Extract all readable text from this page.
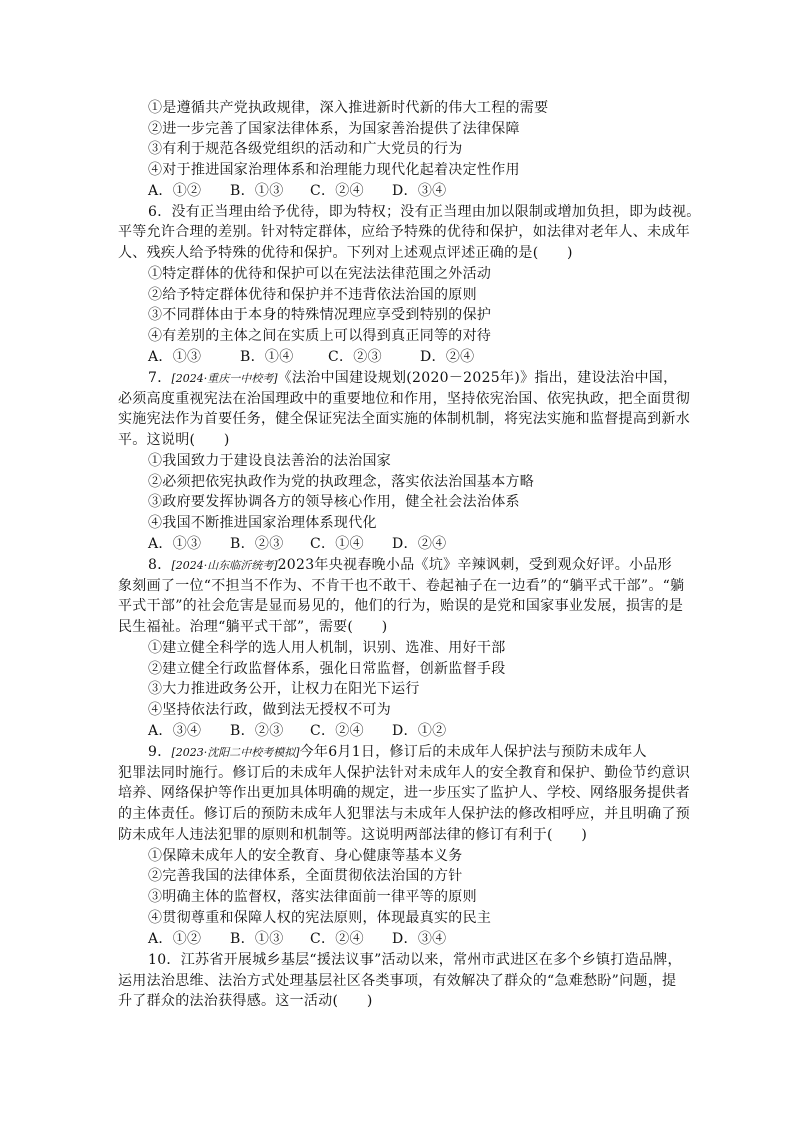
①是遵循共产党执政规律，深入推进新时代新的伟大工程的需要
②进一步完善了国家法律体系，为国家善治提供了法律保障
③有利于规范各级党组织的活动和广大党员的行为
④对于推进国家治理体系和治理能力现代化起着决定性作用
A．①② B．①③ C．②④ D．③④
6．没有正当理由给予优待，即为特权；没有正当理由加以限制或增加负担，即为歧视。
平等允许合理的差别。针对特定群体，应给予特殊的优待和保护，如法律对老年人、未成年
人、残疾人给予特殊的优待和保护。下列对上述观点评述正确的是(　　)
①特定群体的优待和保护可以在宪法法律范围之外活动
②给予特定群体优待和保护并不违背依法治国的原则
③不同群体由于本身的特殊情况理应享受到特别的保护
④有差别的主体之间在实质上可以得到真正同等的对待
A．①③	B．①④ C．②③	D．②④
7．[2024·重庆一中校考]《法治中国建设规划(2020－2025年)》指出，建设法治中国，
必须高度重视宪法在治国理政中的重要地位和作用，坚持依宪治国、依宪执政，把全面贯彻
实施宪法作为首要任务，健全保证宪法全面实施的体制机制，将宪法实施和监督提高到新水
平。这说明(　　)
①我国致力于建设良法善治的法治国家
②必须把依宪执政作为党的执政理念，落实依法治国基本方略
③政府要发挥协调各方的领导核心作用，健全社会法治体系
④我国不断推进国家治理体系现代化
A．①③ B．②③ C．①④ D．②④
8．[2024·山东临沂统考]2023年央视春晚小品《坑》辛辣讽刺，受到观众好评。小品形
象刻画了一位“不担当不作为、不肯干也不敢干、卷起袖子在一边看”的“躺平式干部”。“躺
平式干部”的社会危害是显而易见的，他们的行为，贻误的是党和国家事业发展，损害的是
民生福祉。治理“躺平式干部”，需要(　　)
①建立健全科学的选人用人机制，识别、选准、用好干部
②建立健全行政监督体系，强化日常监督，创新监督手段
③大力推进政务公开，让权力在阳光下运行
④坚持依法行政，做到法无授权不可为
A．③④ B．②③ C．②④ D．①②
9．[2023·沈阳二中校考模拟]今年6月1日，修订后的未成年人保护法与预防未成年人
犯罪法同时施行。修订后的未成年人保护法针对未成年人的安全教育和保护、勤俭节约意识
培养、网络保护等作出更加具体明确的规定，进一步压实了监护人、学校、网络服务提供者
的主体责任。修订后的预防未成年人犯罪法与未成年人保护法的修改相呼应，并且明确了预
防未成年人违法犯罪的原则和机制等。这说明两部法律的修订有利于(　　)
①保障未成年人的安全教育、身心健康等基本义务
②完善我国的法律体系，全面贯彻依法治国的方针
③明确主体的监督权，落实法律面前一律平等的原则
④贯彻尊重和保障人权的宪法原则，体现最真实的民主
A．①② B．①③ C．②④ D．③④
10．江苏省开展城乡基层“援法议事”活动以来，常州市武进区在多个乡镇打造品牌，
运用法治思维、法治方式处理基层社区各类事项，有效解决了群众的“急难愁盼”问题，提
升了群众的法治获得感。这一活动(　　)
